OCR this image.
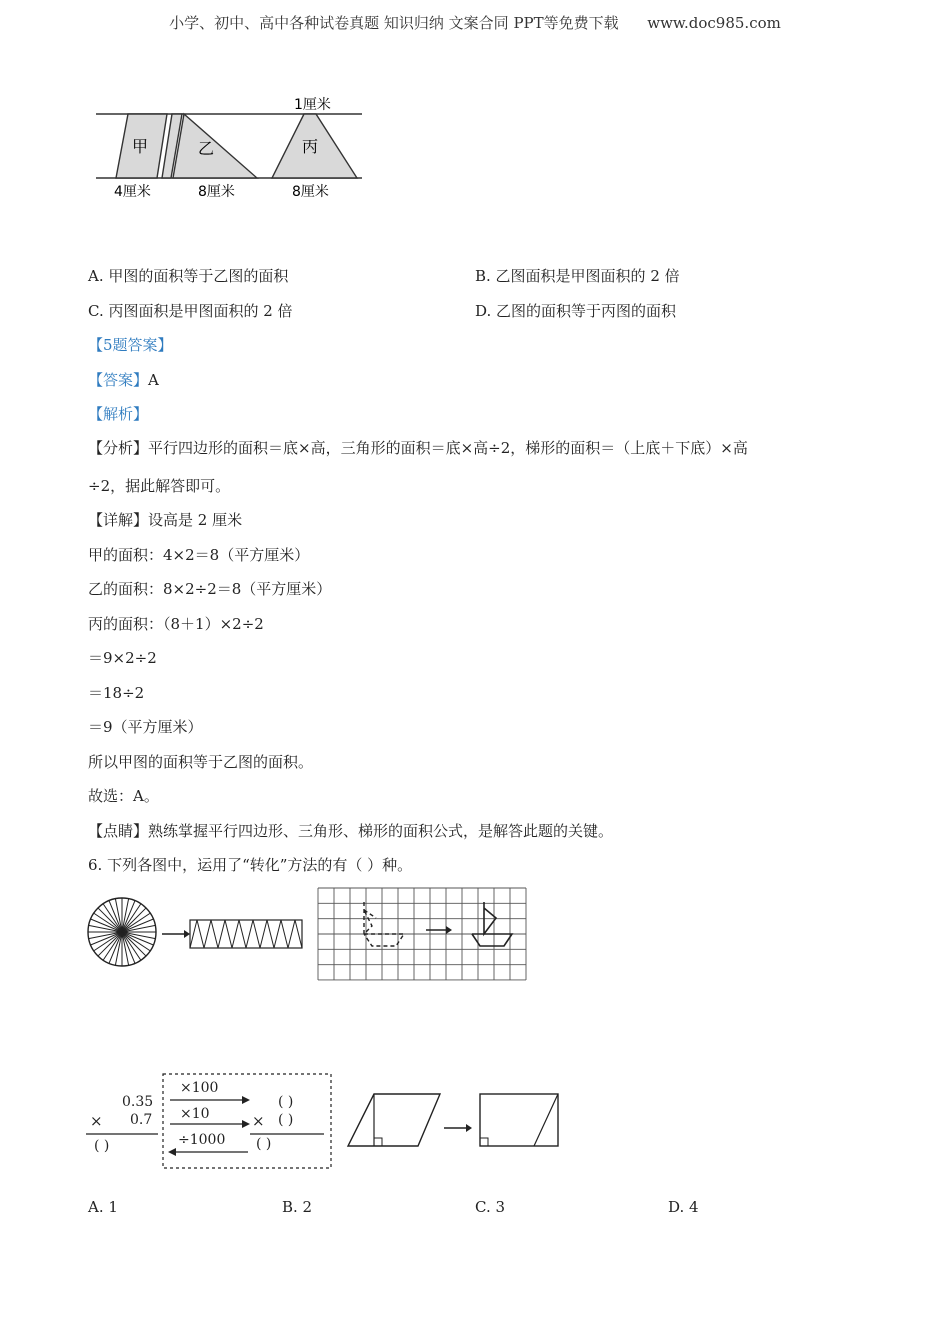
小学、初中、高中各种试卷真题 知识归纳 文案合同 PPT等免费下载 www.doc985.com
甲	乙	丙
1厘米
4厘米	8厘米	8厘米
A. 甲图的面积等于乙图的面积	B. 乙图面积是甲图面积的 2 倍
C. 丙图面积是甲图面积的 2 倍	D. 乙图的面积等于丙图的面积
【5题答案】
【答案】A
【解析】
【分析】平行四边形的面积＝底×高，三角形的面积＝底×高÷2，梯形的面积＝（上底＋下底）×高
÷2，据此解答即可。
【详解】设高是 2 厘米
甲的面积：4×2＝8（平方厘米）
乙的面积：8×2÷2＝8（平方厘米）
丙的面积：（8＋1）×2÷2
＝9×2÷2
＝18÷2
＝9（平方厘米）
所以甲图的面积等于乙图的面积。
故选：A。
【点睛】熟练掌握平行四边形、三角形、梯形的面积公式，是解答此题的关键。
6. 下列各图中，运用了“转化”方法的有（ ）种。
0.35
0.7
×
( )
×100
×10
÷1000
×
( )
( )
( )
A. 1	B. 2	C. 3	D. 4
